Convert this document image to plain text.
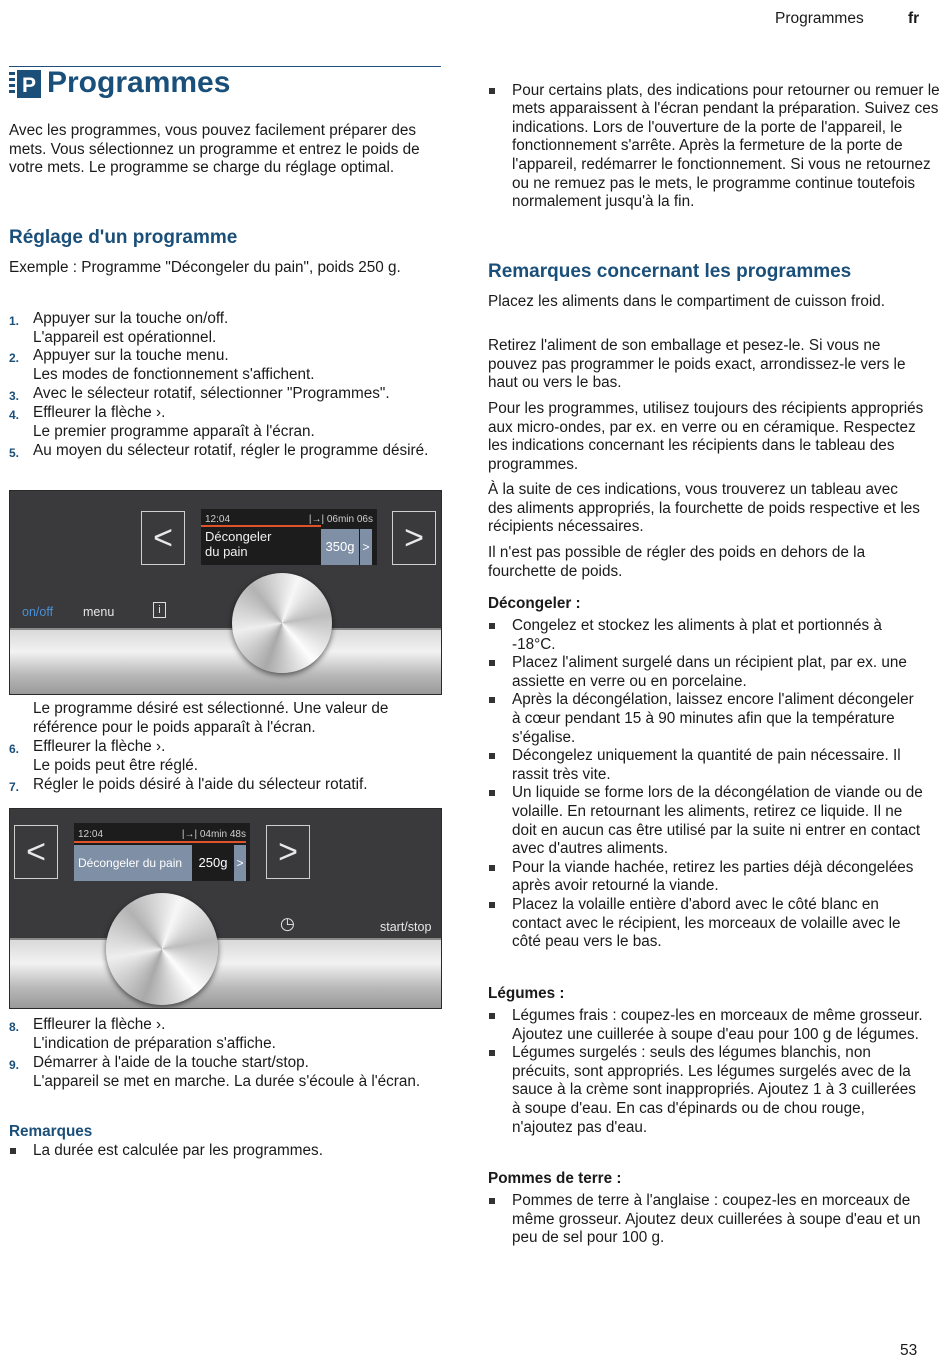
Programmes	fr
P Programmes

Avec les programmes, vous pouvez facilement préparer des mets. Vous sélectionnez un programme et entrez le poids de votre mets. Le programme se charge du réglage optimal.

Réglage d'un programme

Exemple : Programme "Décongeler du pain", poids 250 g.

1. Appuyer sur la touche on/off.
L'appareil est opérationnel.
2. Appuyer sur la touche menu.
Les modes de fonctionnement s'affichent.
3. Avec le sélecteur rotatif, sélectionner "Programmes".
4. Effleurer la flèche ›.
Le premier programme apparaît à l'écran.
5. Au moyen du sélecteur rotatif, régler le programme désiré.
<	>
12:04	|→| 06min 06s
Décongeler
du pain	350g >
on/off menu	i
Le programme désiré est sélectionné. Une valeur de référence pour le poids apparaît à l'écran.
6. Effleurer la flèche ›.
Le poids peut être réglé.
7. Régler le poids désiré à l'aide du sélecteur rotatif.
<	>
12:04	|→| 04min 48s
Décongeler du pain	250g >
◷	start/stop
8. Effleurer la flèche ›.
L'indication de préparation s'affiche.
9. Démarrer à l'aide de la touche start/stop.
L'appareil se met en marche. La durée s'écoule à l'écran.
Remarques
La durée est calculée par les programmes.
Pour certains plats, des indications pour retourner ou remuer le mets apparaissent à l'écran pendant la préparation. Suivez ces indications. Lors de l'ouverture de la porte de l'appareil, le fonctionnement s'arrête. Après la fermeture de la porte de l'appareil, redémarrer le fonctionnement. Si vous ne retournez ou ne remuez pas le mets, le programme continue toutefois normalement jusqu'à la fin.
Remarques concernant les programmes

Placez les aliments dans le compartiment de cuisson froid.

Retirez l'aliment de son emballage et pesez-le. Si vous ne pouvez pas programmer le poids exact, arrondissez-le vers le haut ou vers le bas.

Pour les programmes, utilisez toujours des récipients appropriés aux micro-ondes, par ex. en verre ou en céramique. Respectez les indications concernant les récipients dans le tableau des programmes.

À la suite de ces indications, vous trouverez un tableau avec des aliments appropriés, la fourchette de poids respective et les récipients nécessaires.

Il n'est pas possible de régler des poids en dehors de la fourchette de poids.

Décongeler :
Congelez et stockez les aliments à plat et portionnés à -18°C.
Placez l'aliment surgelé dans un récipient plat, par ex. une assiette en verre ou en porcelaine.
Après la décongélation, laissez encore l'aliment décongeler à cœur pendant 15 à 90 minutes afin que la température s'égalise.
Décongelez uniquement la quantité de pain nécessaire. Il rassit très vite.
Un liquide se forme lors de la décongélation de viande ou de volaille. En retournant les aliments, retirez ce liquide. Il ne doit en aucun cas être utilisé par la suite ni entrer en contact avec d'autres aliments.
Pour la viande hachée, retirez les parties déjà décongelées après avoir retourné la viande.
Placez la volaille entière d'abord avec le côté blanc en contact avec le récipient, les morceaux de volaille avec le côté peau vers le bas.
Légumes :
Légumes frais : coupez-les en morceaux de même grosseur. Ajoutez une cuillerée à soupe d'eau pour 100 g de légumes.
Légumes surgelés : seuls des légumes blanchis, non précuits, sont appropriés. Les légumes surgelés avec de la sauce à la crème sont inappropriés. Ajoutez 1 à 3 cuillerées à soupe d'eau. En cas d'épinards ou de chou rouge, n'ajoutez pas d'eau.
Pommes de terre :
Pommes de terre à l'anglaise : coupez-les en morceaux de même grosseur. Ajoutez deux cuillerées à soupe d'eau et un peu de sel pour 100 g.
53
